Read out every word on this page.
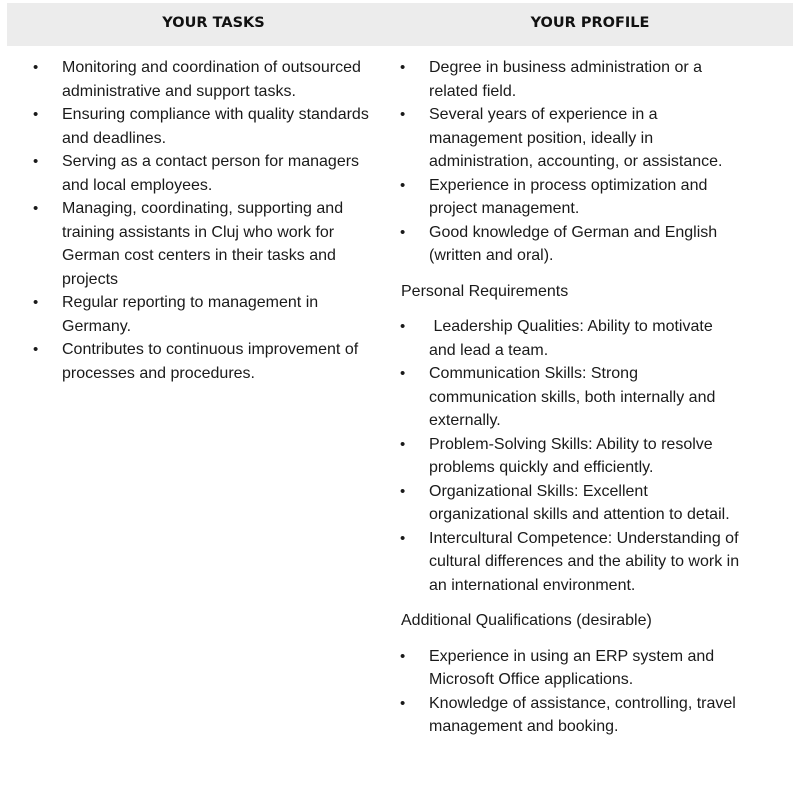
YOUR TASKS	YOUR PROFILE
• Monitoring and coordination of outsourced administrative and support tasks.
• Ensuring compliance with quality standards and deadlines.
• Serving as a contact person for managers and local employees.
• Managing, coordinating, supporting and training assistants in Cluj who work for German cost centers in their tasks and projects
• Regular reporting to management in Germany.
• Contributes to continuous improvement of processes and procedures.
• Degree in business administration or a related field.
• Several years of experience in a management position, ideally in administration, accounting, or assistance.
• Experience in process optimization and project management.
• Good knowledge of German and English (written and oral).
Personal Requirements
• Leadership Qualities: Ability to motivate and lead a team.
• Communication Skills: Strong communication skills, both internally and externally.
• Problem-Solving Skills: Ability to resolve problems quickly and efficiently.
• Organizational Skills: Excellent organizational skills and attention to detail.
• Intercultural Competence: Understanding of cultural differences and the ability to work in an international environment.
Additional Qualifications (desirable)
• Experience in using an ERP system and Microsoft Office applications.
• Knowledge of assistance, controlling, travel management and booking.
